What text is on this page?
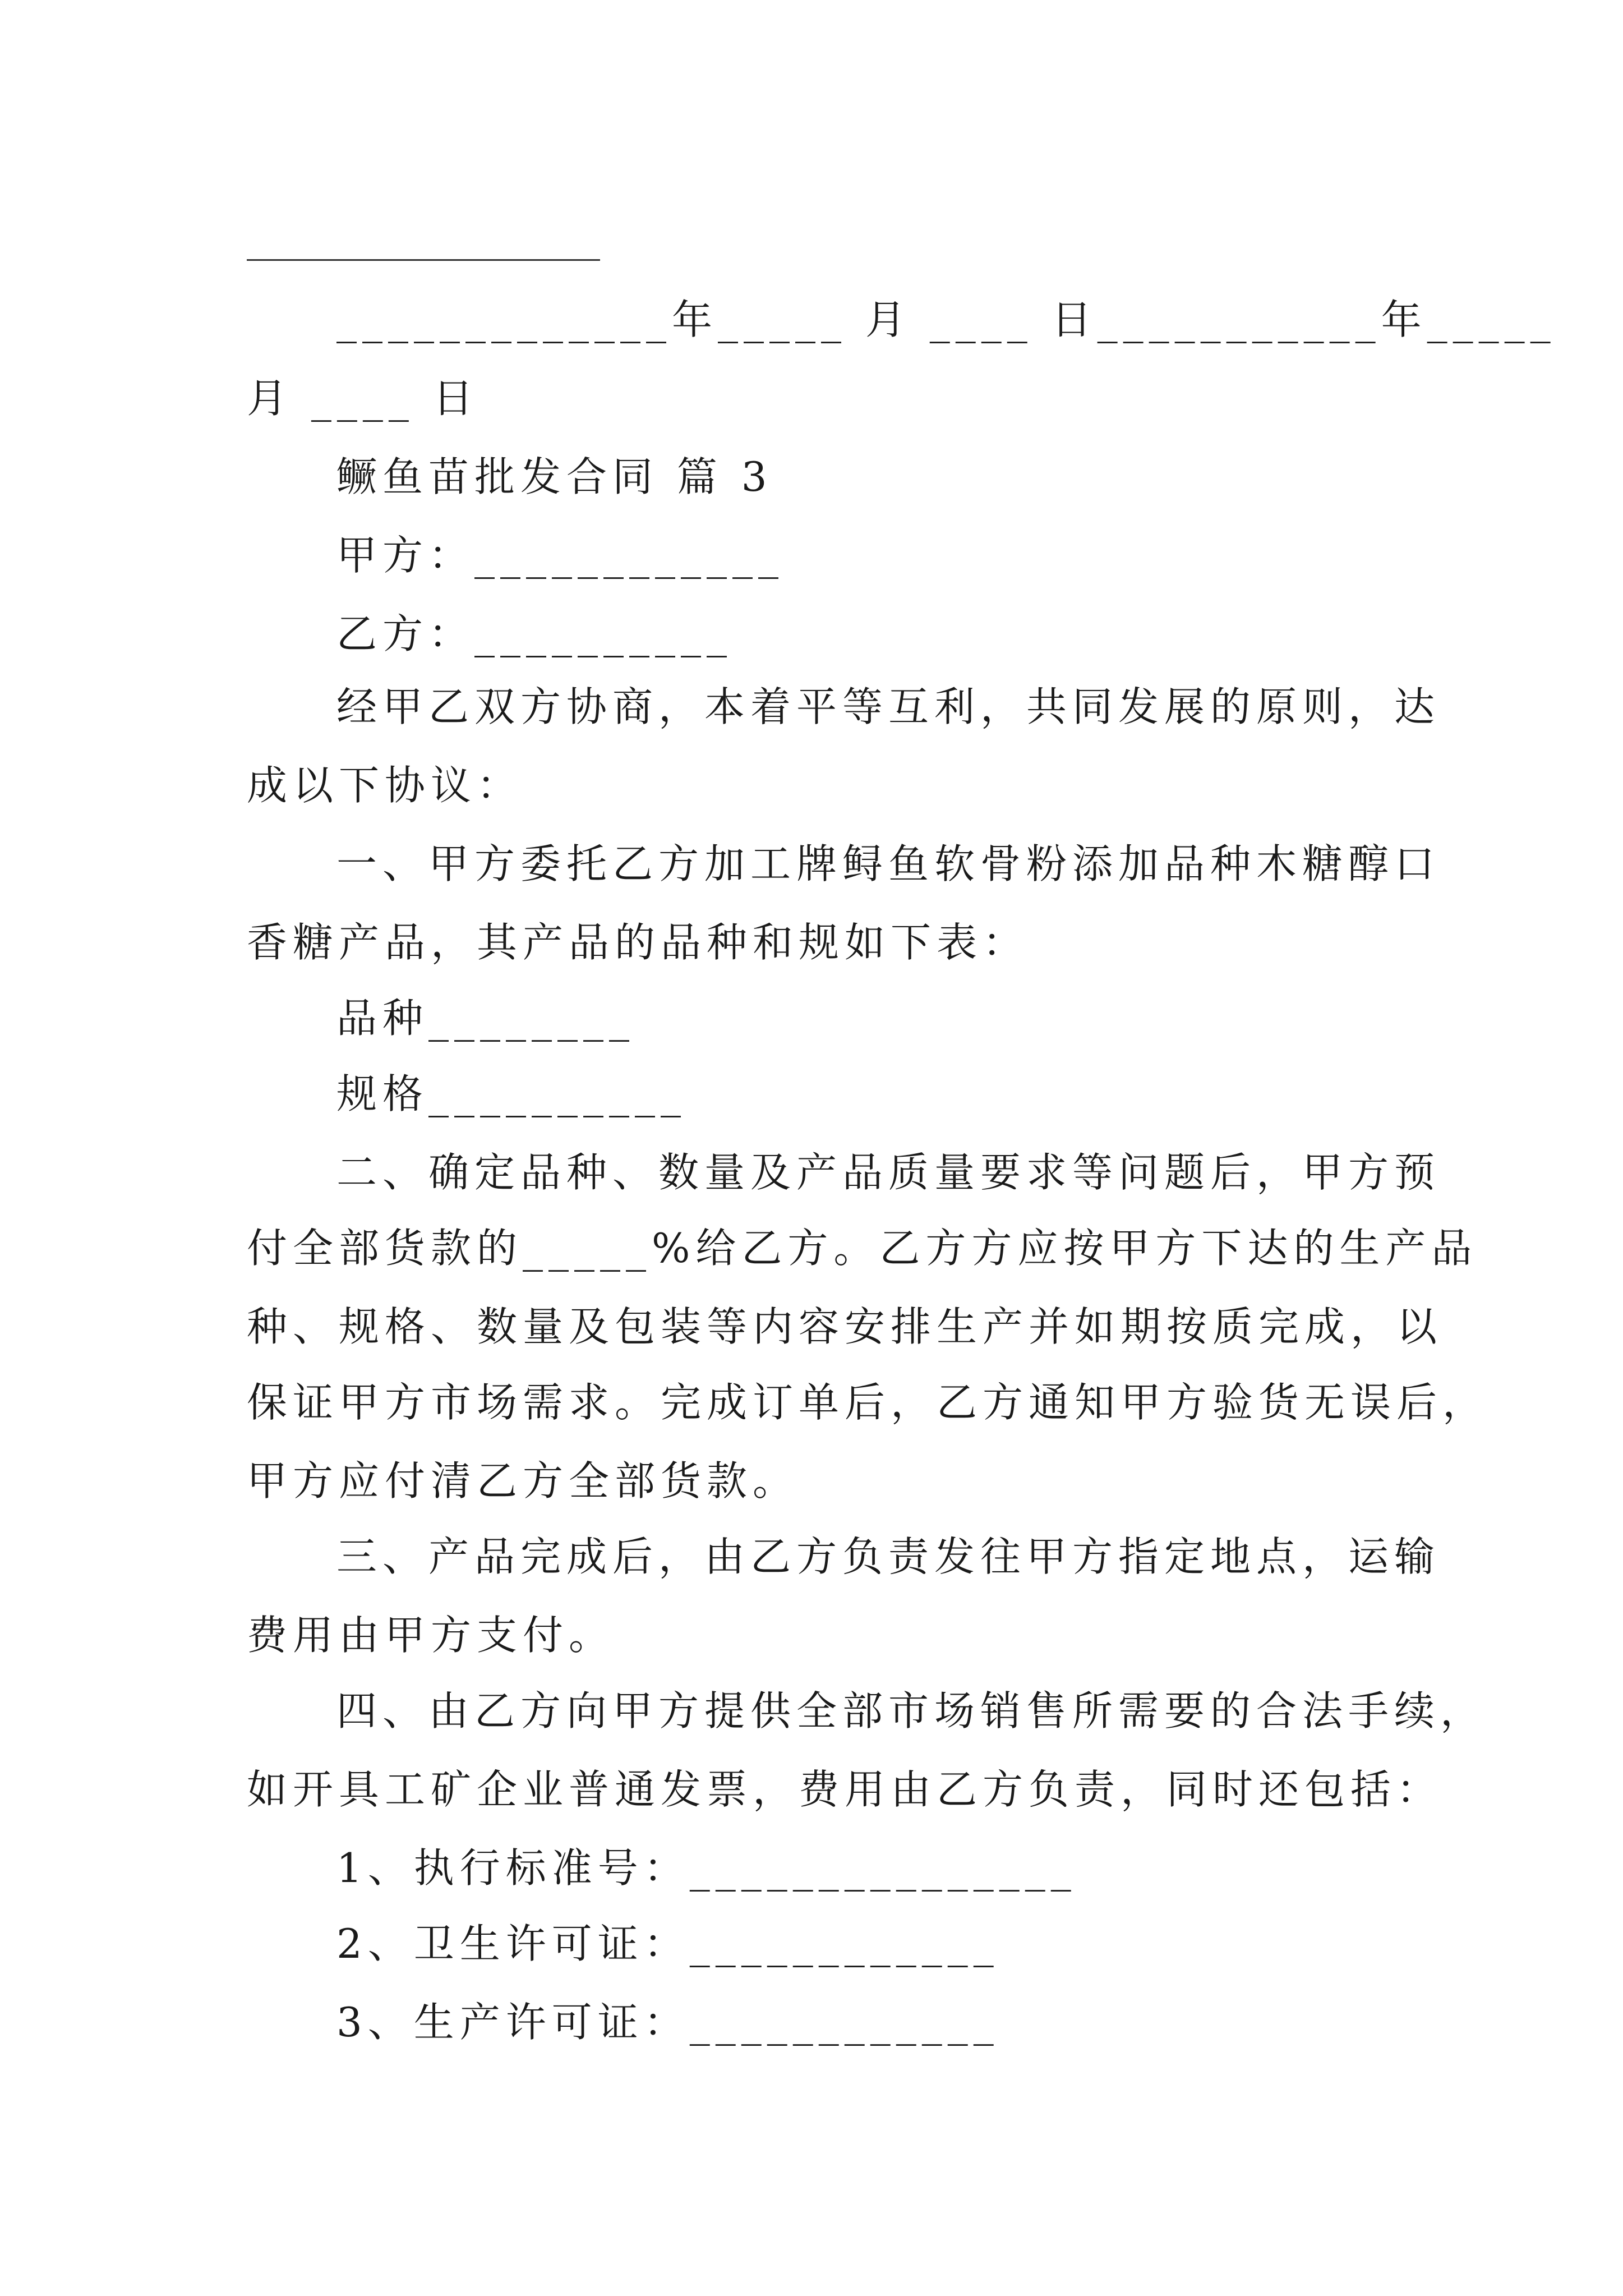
_____________年_____ 月 ____ 日___________年_____
月 ____ 日
鳜鱼苗批发合同 篇 3
甲方：____________
乙方：__________
经甲乙双方协商，本着平等互利，共同发展的原则，达
成以下协议：
一、甲方委托乙方加工牌鲟鱼软骨粉添加品种木糖醇口
香糖产品，其产品的品种和规如下表：
品种________
规格__________
二、确定品种、数量及产品质量要求等问题后，甲方预
付全部货款的_____%给乙方。乙方方应按甲方下达的生产品
种、规格、数量及包装等内容安排生产并如期按质完成，以
保证甲方市场需求。完成订单后，乙方通知甲方验货无误后，
甲方应付清乙方全部货款。
三、产品完成后，由乙方负责发往甲方指定地点，运输
费用由甲方支付。
四、由乙方向甲方提供全部市场销售所需要的合法手续，
如开具工矿企业普通发票，费用由乙方负责，同时还包括：
1、执行标准号：_______________
2、卫生许可证：____________
3、生产许可证：____________
